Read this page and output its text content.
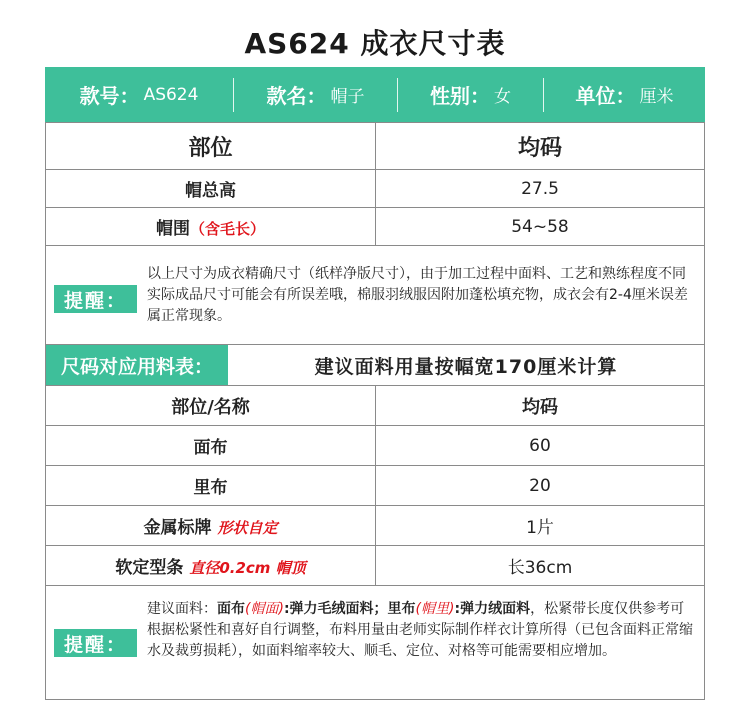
AS624 成衣尺寸表
款号： AS624	款名： 帽子	性别： 女	单位： 厘米
部位	均码
帽总高	27.5
帽围（含毛长）	54~58
提醒：
以上尺寸为成衣精确尺寸（纸样净版尺寸），由于加工过程中面料、工艺和熟练程度不同实际成品尺寸可能会有所误差哦，棉服羽绒服因附加蓬松填充物，成衣会有2-4厘米误差属正常现象。
尺码对应用料表：	建议面料用量按幅宽170厘米计算
部位/名称	均码
面布	60
里布	20
金属标牌 形状自定	1片
软定型条 直径0.2cm 帽顶	长36cm
提醒：
建议面料：面布(帽面):弹力毛绒面料；里布(帽里):弹力绒面料，松紧带长度仅供参考可根据松紧性和喜好自行调整，布料用量由老师实际制作样衣计算所得（已包含面料正常缩水及裁剪损耗），如面料缩率较大、顺毛、定位、对格等可能需要相应增加。
